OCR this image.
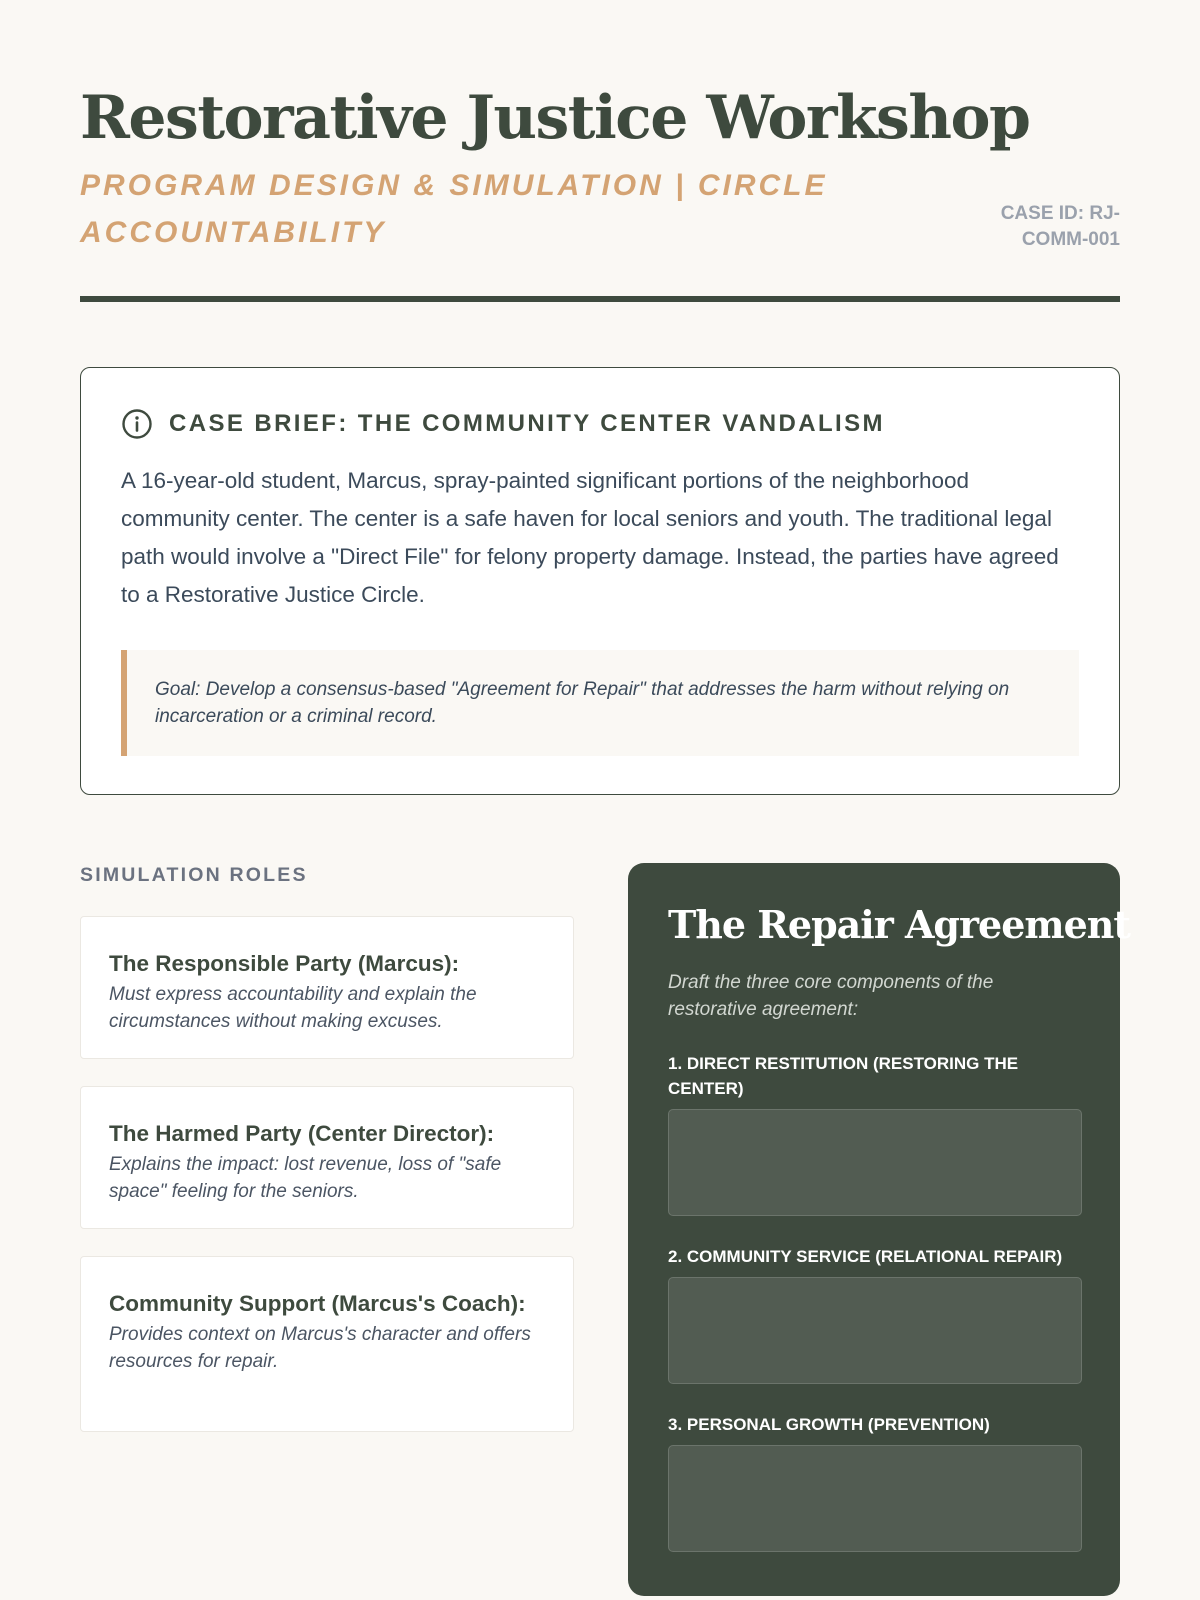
Restorative Justice Workshop
PROGRAM DESIGN & SIMULATION | CIRCLE ACCOUNTABILITY
CASE ID: RJ-COMM-001
CASE BRIEF: THE COMMUNITY CENTER VANDALISM

A 16-year-old student, Marcus, spray-painted significant portions of the neighborhood community center. The center is a safe haven for local seniors and youth. The traditional legal path would involve a "Direct File" for felony property damage. Instead, the parties have agreed to a Restorative Justice Circle.

Goal: Develop a consensus-based "Agreement for Repair" that addresses the harm without relying on incarceration or a criminal record.
SIMULATION ROLES
The Responsible Party (Marcus):
Must express accountability and explain the circumstances without making excuses.
The Harmed Party (Center Director):
Explains the impact: lost revenue, loss of "safe space" feeling for the seniors.
Community Support (Marcus's Coach):
Provides context on Marcus's character and offers resources for repair.
The Repair Agreement

Draft the three core components of the restorative agreement:

1. DIRECT RESTITUTION (RESTORING THE CENTER)
2. COMMUNITY SERVICE (RELATIONAL REPAIR)
3. PERSONAL GROWTH (PREVENTION)
